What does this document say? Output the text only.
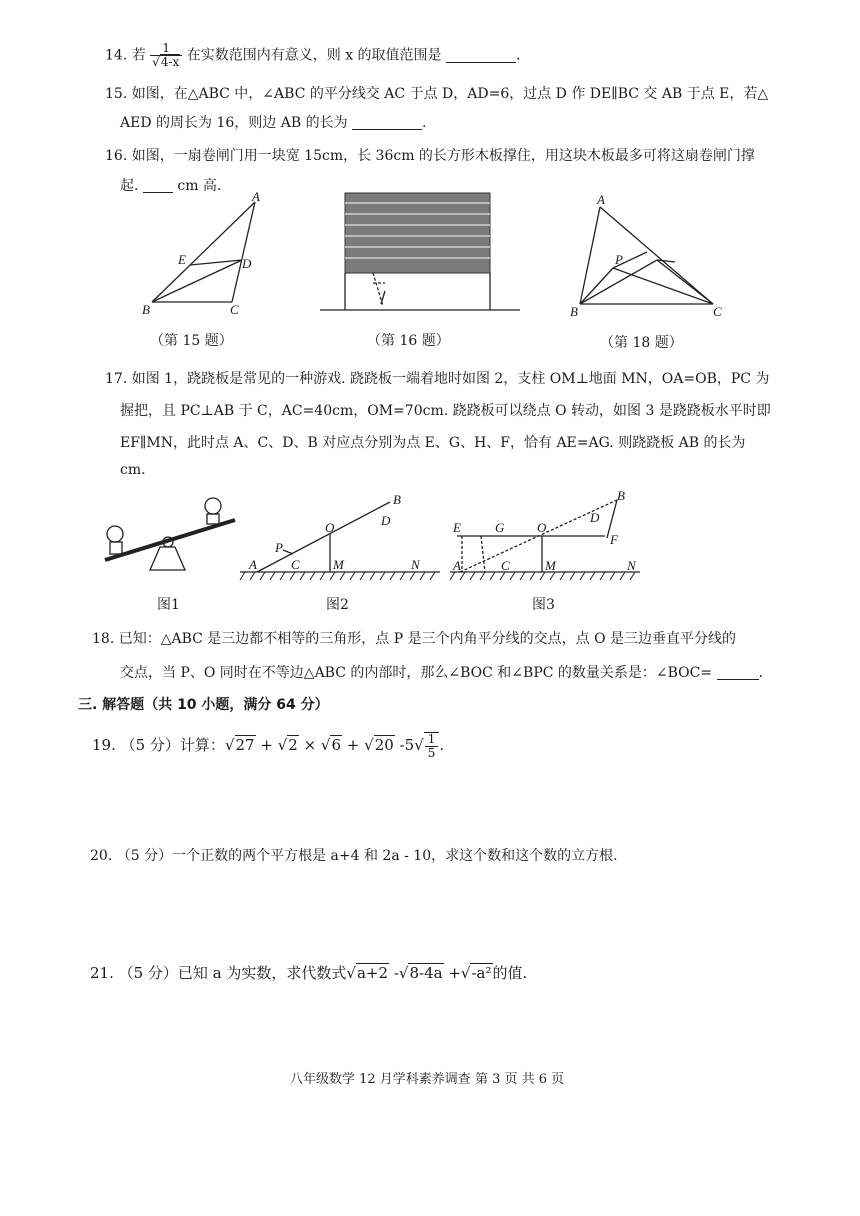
14. 若 $\frac{1}{√4-x}$ 在实数范围内有意义，则 x 的取值范围是	.
15. 如图，在△ABC 中，∠ABC 的平分线交 AC 于点 D，AD=6，过点 D 作 DE∥BC 交 AB 于点 E，若△
AED 的周长为 16，则边 AB 的长为	.
16. 如图，一扇卷闸门用一块宽 15cm，长 36cm 的长方形木板撑住，用这块木板最多可将这扇卷闸门撑
起.  cm 高.
A
B	C
D
E
（第 15 题）	（第 16 题）
A
B	C
P
（第 18 题）
17. 如图 1，跷跷板是常见的一种游戏. 跷跷板一端着地时如图 2，支柱 OM⊥地面 MN，OA=OB，PC 为
握把，且 PC⊥AB 于 C，AC=40cm，OM=70cm. 跷跷板可以绕点 O 转动，如图 3 是跷跷板水平时即
EF∥MN，此时点 A、C、D、B 对应点分别为点 E、G、H、F，恰有 AE=AG. 则跷跷板 AB 的长为
cm.
图1
A	C
P
O
M	N
D
B
图2
E	G	O
D
B
F
A	C	M	N
图3
18. 已知：△ABC 是三边都不相等的三角形，点 P 是三个内角平分线的交点，点 O 是三边垂直平分线的
交点，当 P、O 同时在不等边△ABC 的内部时，那么∠BOC 和∠BPC 的数量关系是：∠BOC=	.
三. 解答题（共 10 小题，满分 64 分）
19. （5 分）计算：√27 + √2 × √6 + √20 $-5√ \frac{1}{5}$ .
20. （5 分）一个正数的两个平方根是 a+4 和 2a - 10，求这个数和这个数的立方根.
21. （5 分）已知 a 为实数，求代数式√a+2 -√8-4a +√-a²的值.
八年级数学 12 月学科素养调查 第 3 页 共 6 页
